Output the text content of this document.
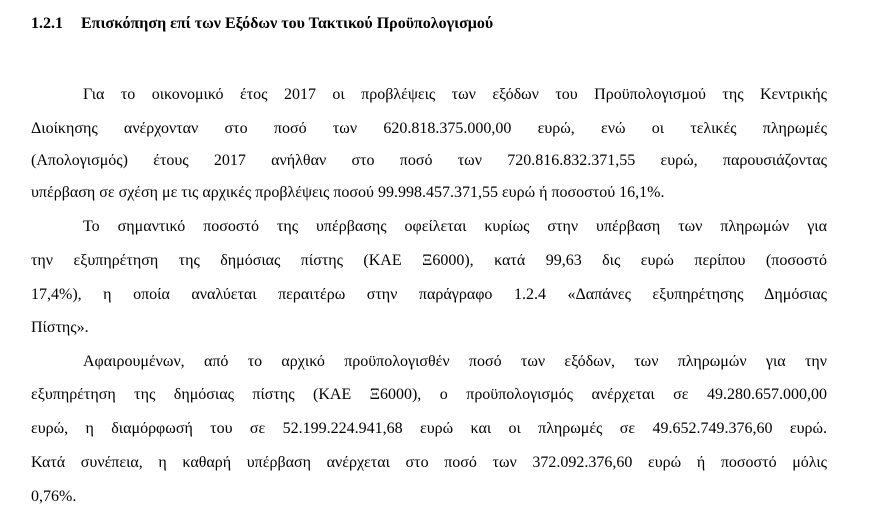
1.2.1 Επισκόπηση επί των Εξόδων του Τακτικού Προϋπολογισμού

Για το οικονομικό έτος 2017 οι προβλέψεις των εξόδων του Προϋπολογισμού της Κεντρικής

Διοίκησης ανέρχονταν στο ποσό των 620.818.375.000,00 ευρώ, ενώ οι τελικές πληρωμές

(Απολογισμός) έτους 2017 ανήλθαν στο ποσό των 720.816.832.371,55 ευρώ, παρουσιάζοντας

υπέρβαση σε σχέση με τις αρχικές προβλέψεις ποσού 99.998.457.371,55 ευρώ ή ποσοστού 16,1%.

Το σημαντικό ποσοστό της υπέρβασης οφείλεται κυρίως στην υπέρβαση των πληρωμών για

την εξυπηρέτηση της δημόσιας πίστης (ΚΑΕ Ξ6000), κατά 99,63 δις ευρώ περίπου (ποσοστό

17,4%), η οποία αναλύεται περαιτέρω στην παράγραφο 1.2.4 «Δαπάνες εξυπηρέτησης Δημόσιας

Πίστης».

Αφαιρουμένων, από το αρχικό προϋπολογισθέν ποσό των εξόδων, των πληρωμών για την

εξυπηρέτηση της δημόσιας πίστης (ΚΑΕ Ξ6000), ο προϋπολογισμός ανέρχεται σε 49.280.657.000,00

ευρώ, η διαμόρφωσή του σε 52.199.224.941,68 ευρώ και οι πληρωμές σε 49.652.749.376,60 ευρώ.

Κατά συνέπεια, η καθαρή υπέρβαση ανέρχεται στο ποσό των 372.092.376,60 ευρώ ή ποσοστό μόλις

0,76%.
